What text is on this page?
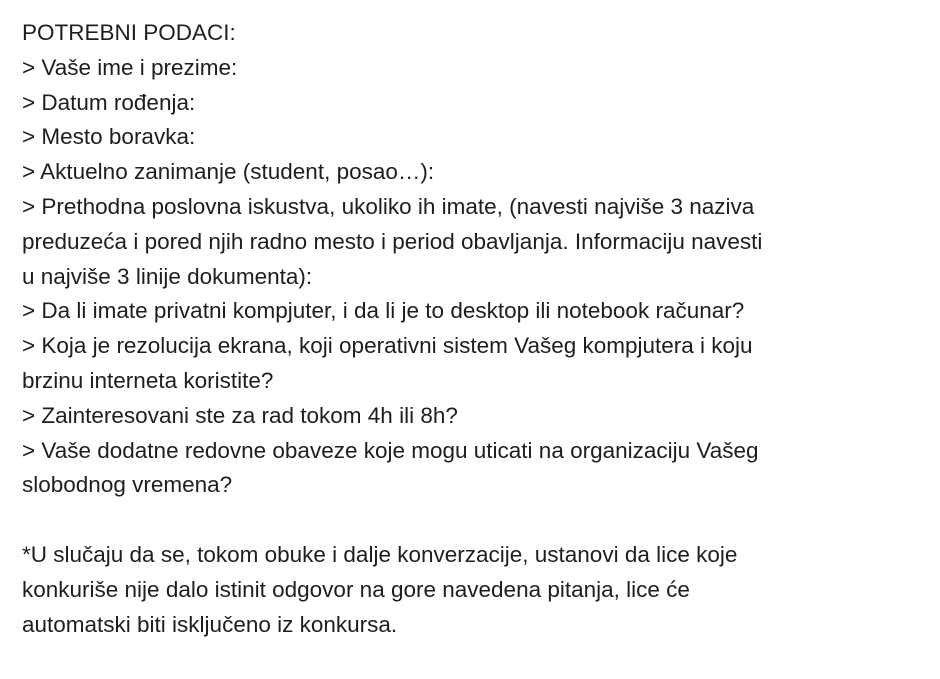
POTREBNI PODACI:
> Vaše ime i prezime:
> Datum rođenja:
> Mesto boravka:
> Aktuelno zanimanje (student, posao…):
> Prethodna poslovna iskustva, ukoliko ih imate, (navesti najviše 3 naziva
preduzeća i pored njih radno mesto i period obavljanja. Informaciju navesti
u najviše 3 linije dokumenta):
> Da li imate privatni kompjuter, i da li je to desktop ili notebook računar?
> Koja je rezolucija ekrana, koji operativni sistem Vašeg kompjutera i koju
brzinu interneta koristite?
> Zainteresovani ste za rad tokom 4h ili 8h?
> Vaše dodatne redovne obaveze koje mogu uticati na organizaciju Vašeg
slobodnog vremena?
*U slučaju da se, tokom obuke i dalje konverzacije, ustanovi da lice koje
konkuriše nije dalo istinit odgovor na gore navedena pitanja, lice će
automatski biti isključeno iz konkursa.
